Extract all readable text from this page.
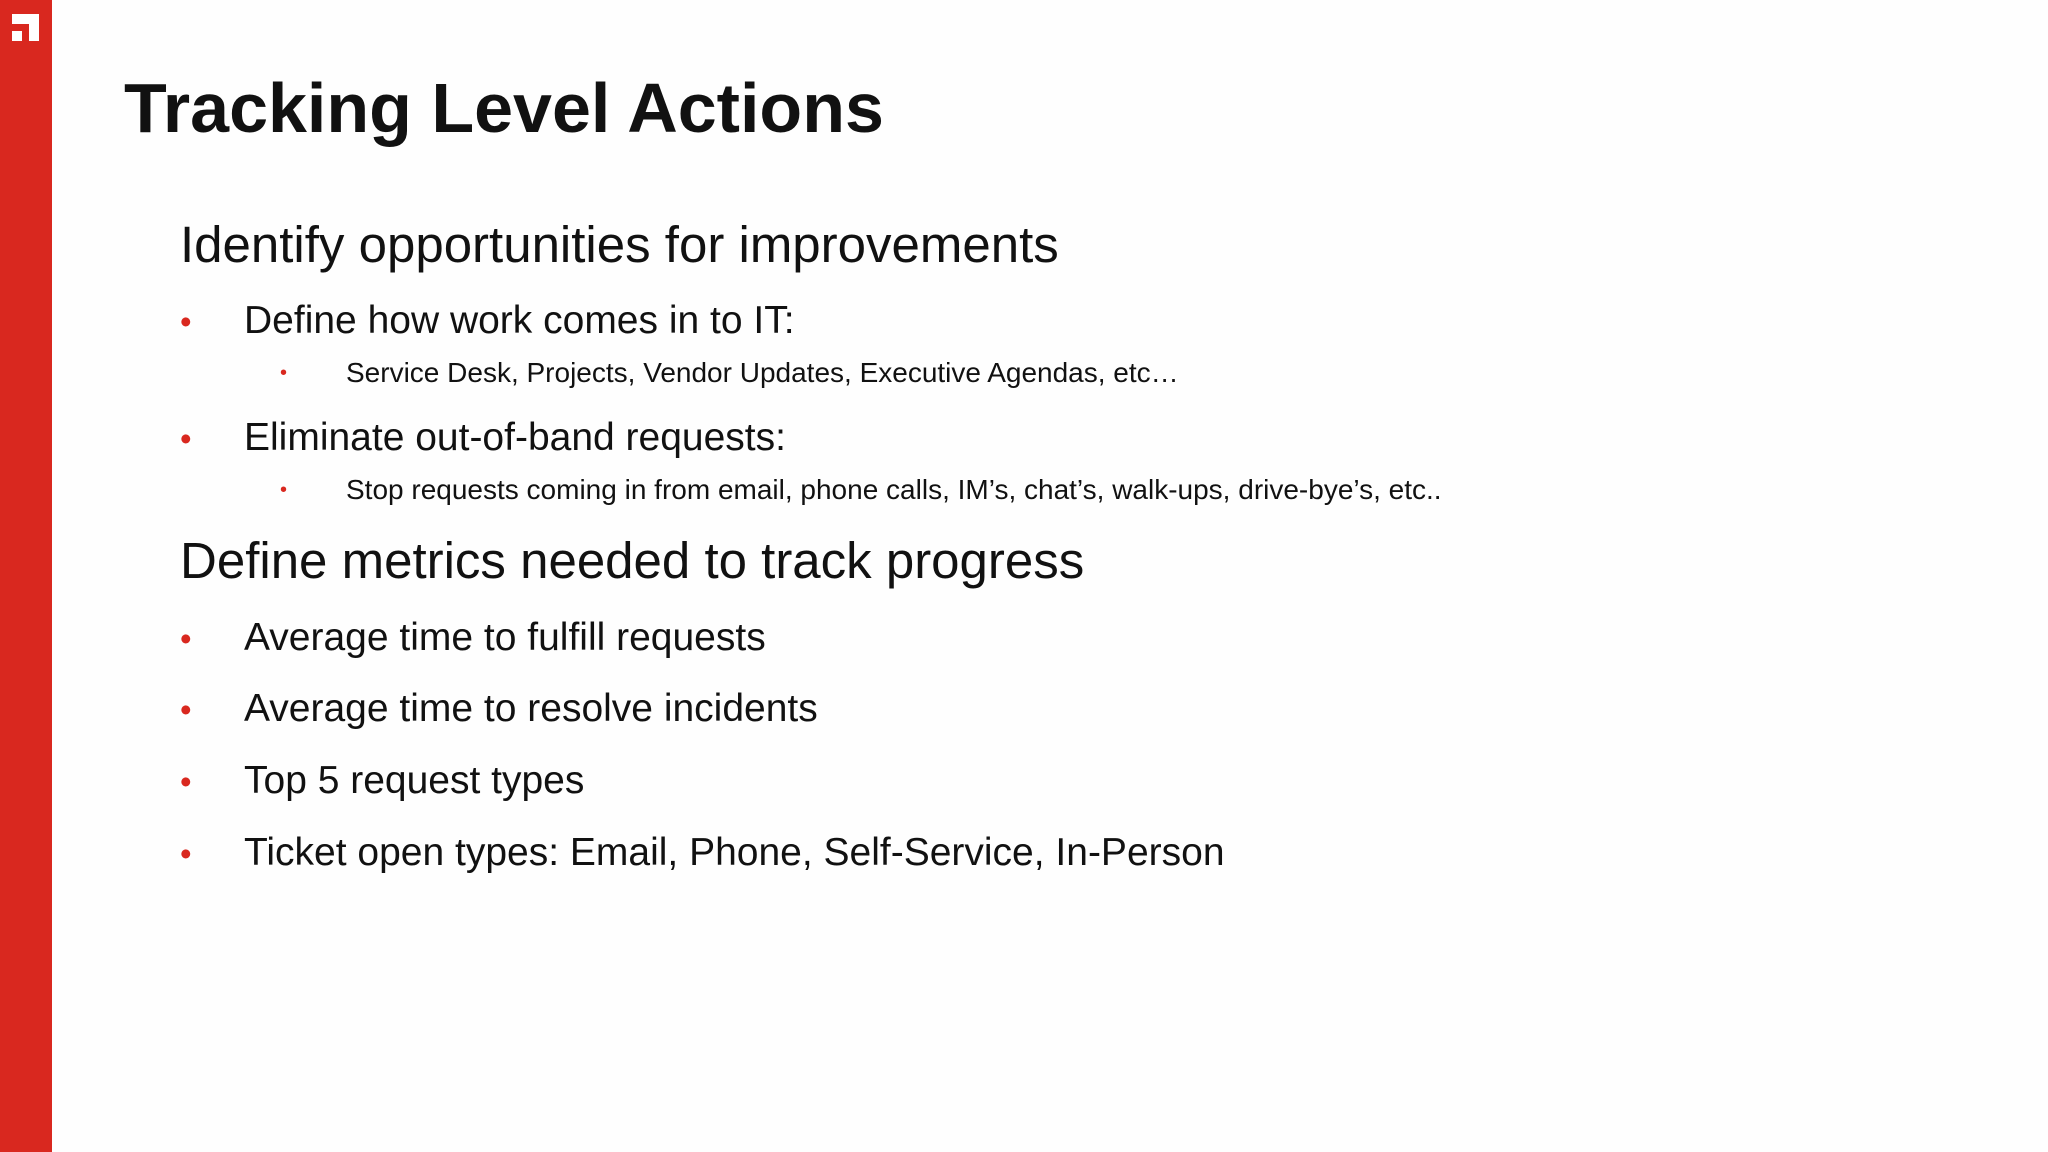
Tracking Level Actions
Identify opportunities for improvements
• Define how work comes in to IT:
• Service Desk, Projects, Vendor Updates, Executive Agendas, etc…
• Eliminate out-of-band requests:
• Stop requests coming in from email, phone calls, IM’s, chat’s, walk-ups, drive-bye’s, etc..
Define metrics needed to track progress
• Average time to fulfill requests
• Average time to resolve incidents
• Top 5 request types
• Ticket open types: Email, Phone, Self-Service, In-Person
